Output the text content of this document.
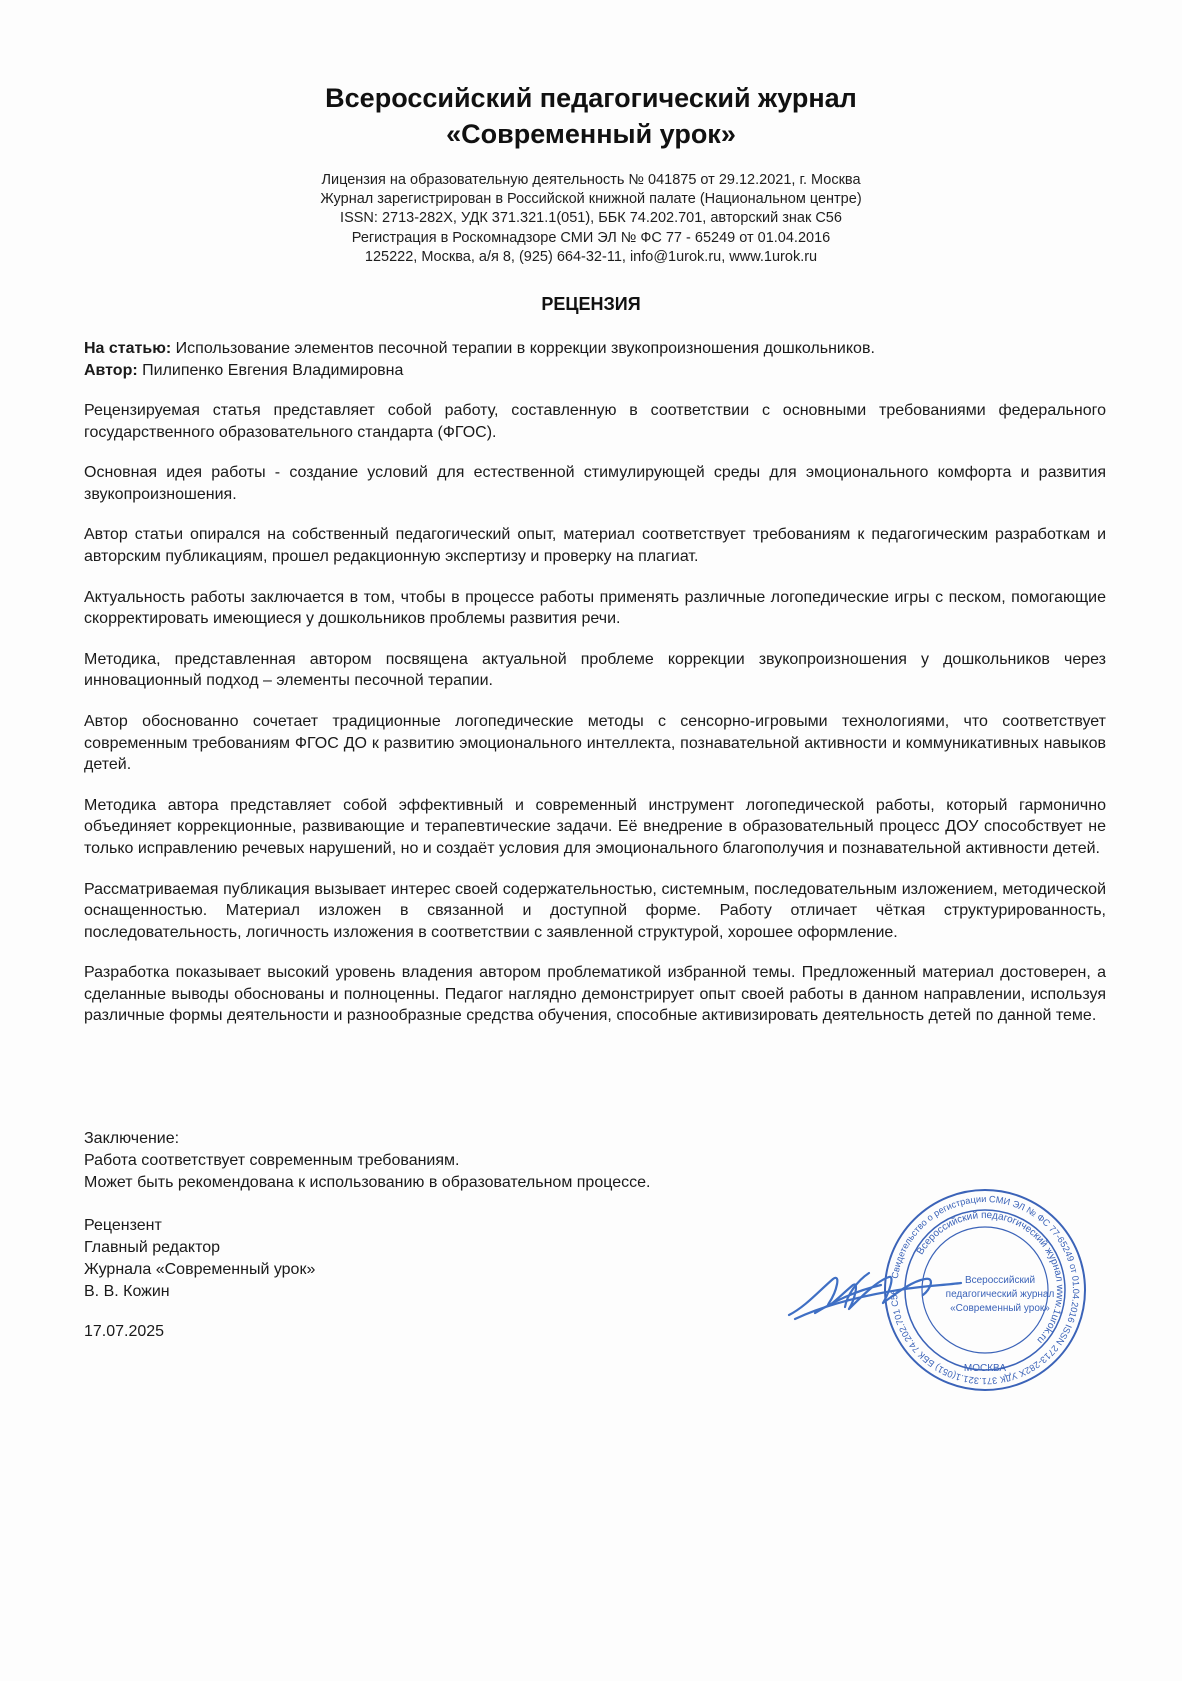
Всероссийский педагогический журнал
«Современный урок»
Лицензия на образовательную деятельность № 041875 от 29.12.2021, г. Москва
Журнал зарегистрирован в Российской книжной палате (Национальном центре)
ISSN: 2713-282X, УДК 371.321.1(051), ББК 74.202.701, авторский знак С56
Регистрация в Роскомнадзоре СМИ ЭЛ № ФС 77 - 65249 от 01.04.2016
125222, Москва, а/я 8, (925) 664-32-11, info@1urok.ru, www.1urok.ru
РЕЦЕНЗИЯ
На статью: Использование элементов песочной терапии в коррекции звукопроизношения дошкольников.
Автор: Пилипенко Евгения Владимировна

Рецензируемая статья представляет собой работу, составленную в соответствии с основными требованиями федерального государственного образовательного стандарта (ФГОС).

Основная идея работы - создание условий для естественной стимулирующей среды для эмоционального комфорта и развития звукопроизношения.

Автор статьи опирался на собственный педагогический опыт, материал соответствует требованиям к педагогическим разработкам и авторским публикациям, прошел редакционную экспертизу и проверку на плагиат.

Актуальность работы заключается в том, чтобы в процессе работы применять различные логопедические игры с песком, помогающие скорректировать имеющиеся у дошкольников проблемы развития речи.

Методика, представленная автором посвящена актуальной проблеме коррекции звукопроизношения у дошкольников через инновационный подход – элементы песочной терапии.

Автор обоснованно сочетает традиционные логопедические методы с сенсорно-игровыми технологиями, что соответствует современным требованиям ФГОС ДО к развитию эмоционального интеллекта, познавательной активности и коммуникативных навыков детей.

Методика автора представляет собой эффективный и современный инструмент логопедической работы, который гармонично объединяет коррекционные, развивающие и терапевтические задачи. Её внедрение в образовательный процесс ДОУ способствует не только исправлению речевых нарушений, но и создаёт условия для эмоционального благополучия и познавательной активности детей.

Рассматриваемая публикация вызывает интерес своей содержательностью, системным, последовательным изложением, методической оснащенностью. Материал изложен в связанной и доступной форме. Работу отличает чёткая структурированность, последовательность, логичность изложения в соответствии с заявленной структурой, хорошее оформление.

Разработка показывает высокий уровень владения автором проблематикой избранной темы. Предложенный материал достоверен, а сделанные выводы обоснованы и полноценны. Педагог наглядно демонстрирует опыт своей работы в данном направлении, используя различные формы деятельности и разнообразные средства обучения, способные активизировать деятельность детей по данной теме.

Заключение:
Работа соответствует современным требованиям.
Может быть рекомендована к использованию в образовательном процессе.
Рецензент
Главный редактор
Журнала «Современный урок»
В. В. Кожин
17.07.2025
Свидетельство о регистрации СМИ ЭЛ № ФС 77-65249 от 01.04.2016 ISSN 2713-282X УДК 371.321.1(051) ББК 74.202.701 С56
Всероссийский педагогический журнал www.1urok.ru
Всероссийский
педагогический журнал
«Современный урок»
МОСКВА
